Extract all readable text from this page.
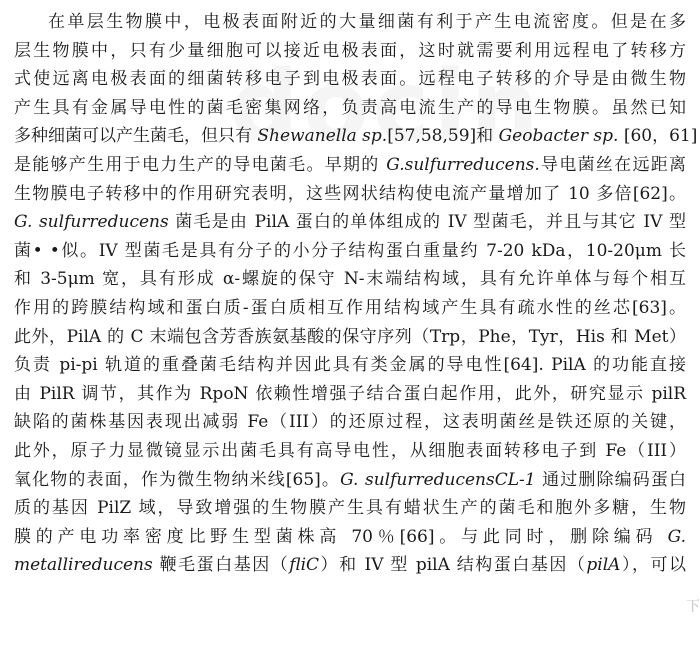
在单层生物膜中，电极表面附近的大量细菌有利于产生电流密度。但是在多
层生物膜中，只有少量细胞可以接近电极表面，这时就需要利用远程电了转移方
式使远离电极表面的细菌转移电子到电极表面。远程电子转移的介导是由微生物
产生具有金属导电性的菌毛密集网络，负责高电流生产的导电生物膜。虽然已知
多种细菌可以产生菌毛，但只有 Shewanella sp.[57,58,59]和 Geobacter sp. [60，61]
是能够产生用于电力生产的导电菌毛。早期的 G.sulfurreducens.导电菌丝在远距离
生物膜电子转移中的作用研究表明，这些网状结构使电流产量增加了 10 多倍[62]。
G. sulfurreducens 菌毛是由 PilA 蛋白的单体组成的 IV 型菌毛，并且与其它 IV 型
菌• •似。IV 型菌毛是具有分子的小分子结构蛋白重量约 7-20 kDa，10-20μm 长
和 3-5μm 宽，具有形成 α-螺旋的保守 N-末端结构域，具有允许单体与每个相互
作用的跨膜结构域和蛋白质-蛋白质相互作用结构域产生具有疏水性的丝芯[63]。
此外，PilA 的 C 末端包含芳香族氨基酸的保守序列（Trp，Phe，Tyr，His 和 Met）
负责 pi-pi 轨道的重叠菌毛结构并因此具有类金属的导电性[64]. PilA 的功能直接
由 PilR 调节，其作为 RpoN 依赖性增强子结合蛋白起作用，此外，研究显示 pilR
缺陷的菌株基因表现出减弱 Fe（III）的还原过程，这表明菌丝是铁还原的关键，
此外，原子力显微镜显示出菌毛具有高导电性，从细胞表面转移电子到 Fe（III）
氧化物的表面，作为微生物纳米线[65]。G. sulfurreducensCL-1 通过删除编码蛋白
质的基因 PilZ 域，导致增强的生物膜产生具有蜡状生产的菌毛和胞外多糖，生物
膜的产电功率密度比野生型菌株高 70％[66]。与此同时，删除编码 G.
metallireducens 鞭毛蛋白基因（fliC）和 IV 型 pilA 结构蛋白基因（pilA），可以
下
